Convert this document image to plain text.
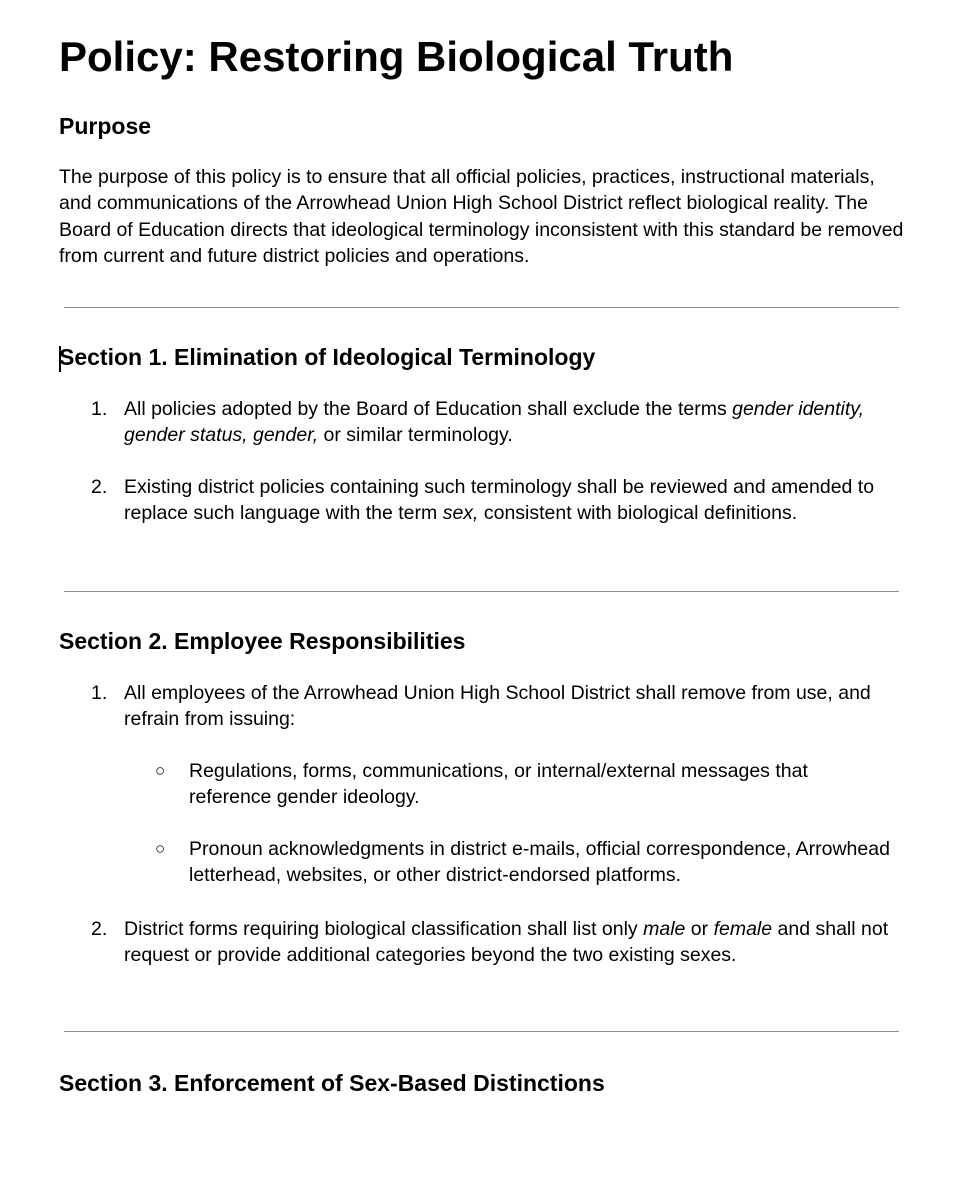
Policy: Restoring Biological Truth
Purpose

The purpose of this policy is to ensure that all official policies, practices, instructional materials, and communications of the Arrowhead Union High School District reflect biological reality. The Board of Education directs that ideological terminology inconsistent with this standard be removed from current and future district policies and operations.

Section 1. Elimination of Ideological Terminology
1. All policies adopted by the Board of Education shall exclude the terms gender identity,
gender status, gender, or similar terminology.
2. Existing district policies containing such terminology shall be reviewed and amended to
replace such language with the term sex, consistent with biological definitions.
Section 2. Employee Responsibilities
1. All employees of the Arrowhead Union High School District shall remove from use, and refrain from issuing:
○	Regulations, forms, communications, or internal/external messages that reference gender ideology.
○	Pronoun acknowledgments in district e-mails, official correspondence, Arrowhead letterhead, websites, or other district-endorsed platforms.
2. District forms requiring biological classification shall list only male or female and shall not
request or provide additional categories beyond the two existing sexes.
Section 3. Enforcement of Sex-Based Distinctions
